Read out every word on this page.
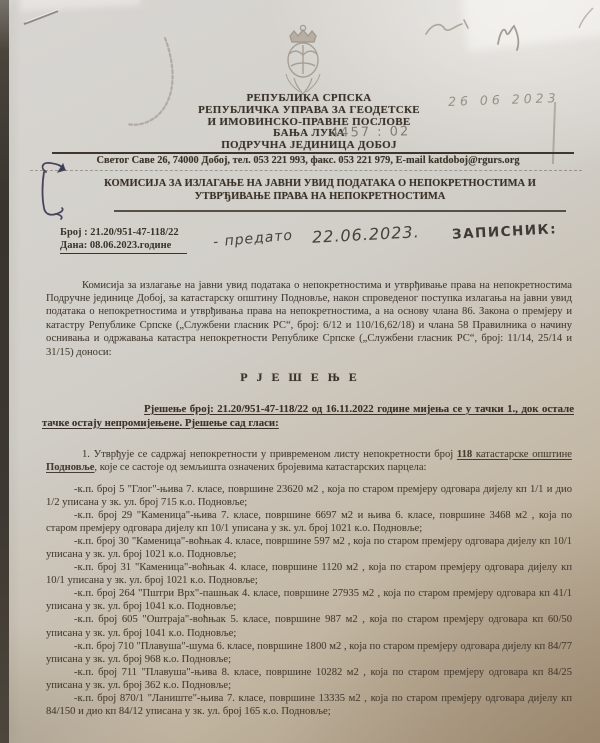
26 06 2023
РЕПУБЛИКА СРПСКА
РЕПУБЛИЧКА УПРАВА ЗА ГЕОДЕТСКЕ
И ИМОВИНСКО-ПРАВНЕ ПОСЛОВЕ
БАЊА ЛУКА
ПОДРУЧНА ЈЕДИНИЦА ДОБОЈ
4457 : 02
Светог Саве 26, 74000 Добој, тел. 053 221 993, факс. 053 221 979, E-mail katdoboj@rgurs.org
КОМИСИЈА ЗА ИЗЛАГАЊЕ НА ЈАВНИ УВИД ПОДАТАКА О НЕПОКРЕТНОСТИМА И
УТВРЂИВАЊЕ ПРАВА НА НЕПОКРЕТНОСТИМА
Број : 21.20/951-47-118/22
Дана: 08.06.2023.године	- предато 22.06.2023. ЗАПИСНИК:

Комисија за излагање на јавни увид података о непокретностима и утврђивање права на непокретностима Подручне јединице Добој, за катастарску општину Подновље, након спроведеног поступка излагања на јавни увид података о непокретностима и утврђивања права на непокретностима, а на основу члана 86. Закона о премјеру и катастру Републике Српске („Службени гласник РС“, број: 6/12 и 110/16,62/18) и члана 58 Правилника о начину оснивања и одржавања катастра непокретности Републике Српске („Службени гласник РС“, број: 11/14, 25/14 и 31/15) доноси:

Р Ј Е Ш Е Њ Е

Рјешење број: 21.20/951-47-118/22 од 16.11.2022 године мијења се у тачки 1., док остале тачке остају непромијењене. Рјешење сад гласи:

1. Утврђује се садржај непокретности у привременом листу непокретности број 118 катастарске општине Подновље, које се састоје од земљишта означених бројевима катастарских парцела:

-к.п. број 5 "Глог"-њива 7. класе, површине 23620 м2 , која по старом премјеру одговара дијелу кп 1/1 и дио 1/2 уписана у зк. ул. број 715 к.о. Подновље;

-к.п. број 29 "Каменица"-њива 7. класе, површине 6697 м2 и њива 6. класе, површине 3468 м2 , која по старом премјеру одговара дијелу кп 10/1 уписана у зк. ул. број 1021 к.о. Подновље;

-к.п. број 30 "Каменица"-воћњак 4. класе, површине 597 м2 , која по старом премјеру одговара дијелу кп 10/1 уписана у зк. ул. број 1021 к.о. Подновље;

-к.п. број 31 "Каменица"-воћњак 4. класе, површине 1120 м2 , која по старом премјеру одговара дијелу кп 10/1 уписана у зк. ул. број 1021 к.о. Подновље;

-к.п. број 264 "Пштри Врх"-пашњак 4. класе, површине 27935 м2 , која по старом премјеру одговара кп 41/1 уписана у зк. ул. број 1041 к.о. Подновље;

-к.п. број 605 "Оштраја"-воћњак 5. класе, површине 987 м2 , која по старом премјеру одговара кп 60/50 уписана у зк. ул. број 1041 к.о. Подновље;

-к.п. број 710 "Плавуша"-шума 6. класе, површине 1800 м2 , која по старом премјеру одговара дијелу кп 84/77 уписана у зк. ул. број 968 к.о. Подновље;

-к.п. број 711 "Плавуша"-њива 8. класе, површине 10282 м2 , која по старом премјеру одговара кп 84/25 уписана у зк. ул. број 362 к.о. Подновље;

-к.п. број 870/1 "Ланиште"-њива 7. класе, површине 13335 м2 , која по старом премјеру одговара дијелу кп 84/150 и дио кп 84/12 уписана у зк. ул. број 165 к.о. Подновље;
